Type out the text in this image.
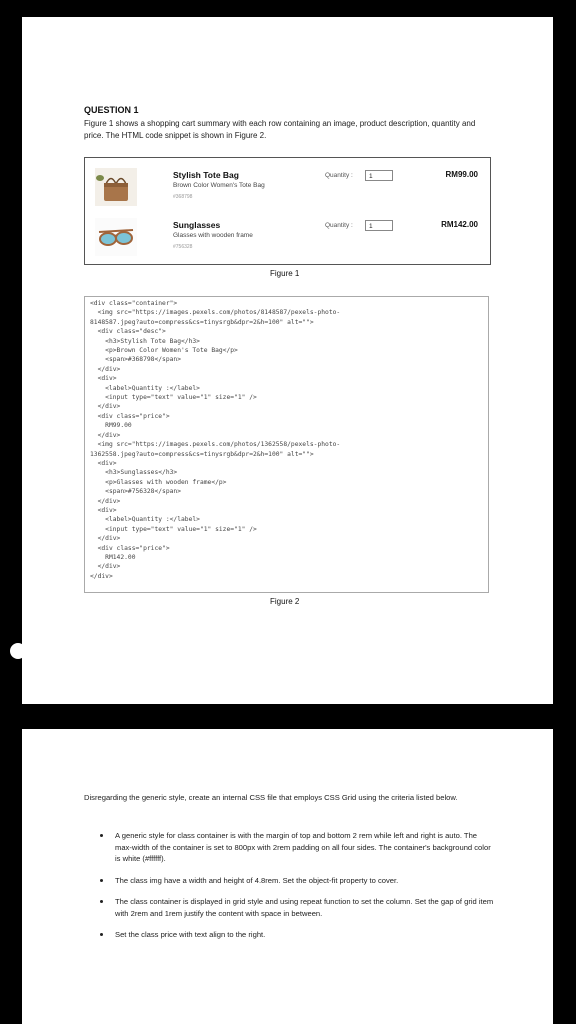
QUESTION 1
Figure 1 shows a shopping cart summary with each row containing an image, product description, quantity and price. The HTML code snippet is shown in Figure 2.
Stylish Tote Bag
Brown Color Women's Tote Bag
#368798
Quantity :	1	RM99.00
Sunglasses
Glasses with wooden frame
#756328
Quantity :	1	RM142.00
Figure 1
<div class="container">
<img src="https://images.pexels.com/photos/8148587/pexels-photo-
8148587.jpeg?auto=compress&cs=tinysrgb&dpr=2&h=100" alt="">
<div class="desc">
<h3>Stylish Tote Bag</h3>
<p>Brown Color Women's Tote Bag</p>
<span>#368798</span>
</div>
<div>
<label>Quantity :</label>
<input type="text" value="1" size="1" />
</div>
<div class="price">
RM99.00
</div>
<img src="https://images.pexels.com/photos/1362558/pexels-photo-
1362558.jpeg?auto=compress&cs=tinysrgb&dpr=2&h=100" alt="">
<div>
<h3>Sunglasses</h3>
<p>Glasses with wooden frame</p>
<span>#756328</span>
</div>
<div>
<label>Quantity :</label>
<input type="text" value="1" size="1" />
</div>
<div class="price">
RM142.00
</div>
</div>
Figure 2
Disregarding the generic style, create an internal CSS file that employs CSS Grid using the criteria listed below.
A generic style for class container is with the margin of top and bottom 2 rem while left and right is auto. The max-width of the container is set to 800px with 2rem padding on all four sides. The container's background color is white (#ffffff).
The class img have a width and height of 4.8rem. Set the object-fit property to cover.
The class container is displayed in grid style and using repeat function to set the column. Set the gap of grid item with 2rem and 1rem justify the content with space in between.
Set the class price with text align to the right.
